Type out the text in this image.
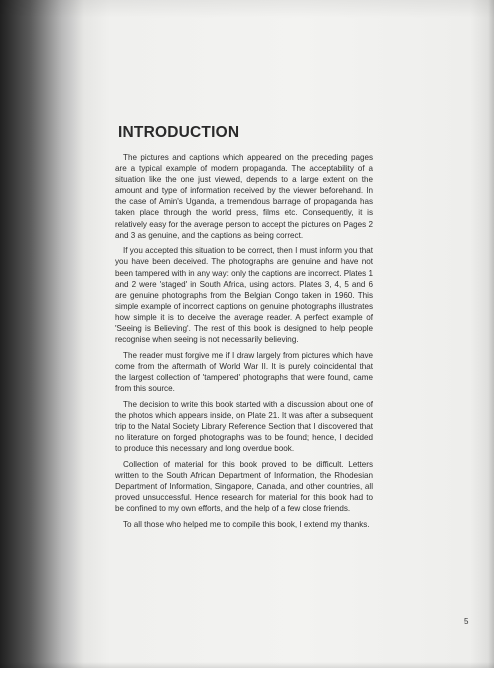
INTRODUCTION

The pictures and captions which appeared on the preceding pages are a typical example of modern propaganda. The acceptability of a situation like the one just viewed, depends to a large extent on the amount and type of information received by the viewer beforehand. In the case of Amin's Uganda, a tremendous barrage of propaganda has taken place through the world press, films etc. Consequently, it is relatively easy for the average person to accept the pictures on Pages 2 and 3 as genuine, and the captions as being correct.

If you accepted this situation to be correct, then I must inform you that you have been deceived. The photographs are genuine and have not been tampered with in any way: only the captions are incorrect. Plates 1 and 2 were 'staged' in South Africa, using actors. Plates 3, 4, 5 and 6 are genuine photographs from the Belgian Congo taken in 1960. This simple example of incorrect captions on genuine photographs illustrates how simple it is to deceive the average reader. A perfect example of 'Seeing is Believing'. The rest of this book is designed to help people recognise when seeing is not necessarily believing.

The reader must forgive me if I draw largely from pictures which have come from the aftermath of World War II. It is purely coincidental that the largest collection of 'tampered' photographs that were found, came from this source.

The decision to write this book started with a discussion about one of the photos which appears inside, on Plate 21. It was after a subsequent trip to the Natal Society Library Reference Section that I discovered that no literature on forged photographs was to be found; hence, I decided to produce this necessary and long overdue book.

Collection of material for this book proved to be difficult. Letters written to the South African Department of Information, the Rhodesian Department of Information, Singapore, Canada, and other countries, all proved unsuccessful. Hence research for material for this book had to be confined to my own efforts, and the help of a few close friends.

To all those who helped me to compile this book, I extend my thanks.

5
